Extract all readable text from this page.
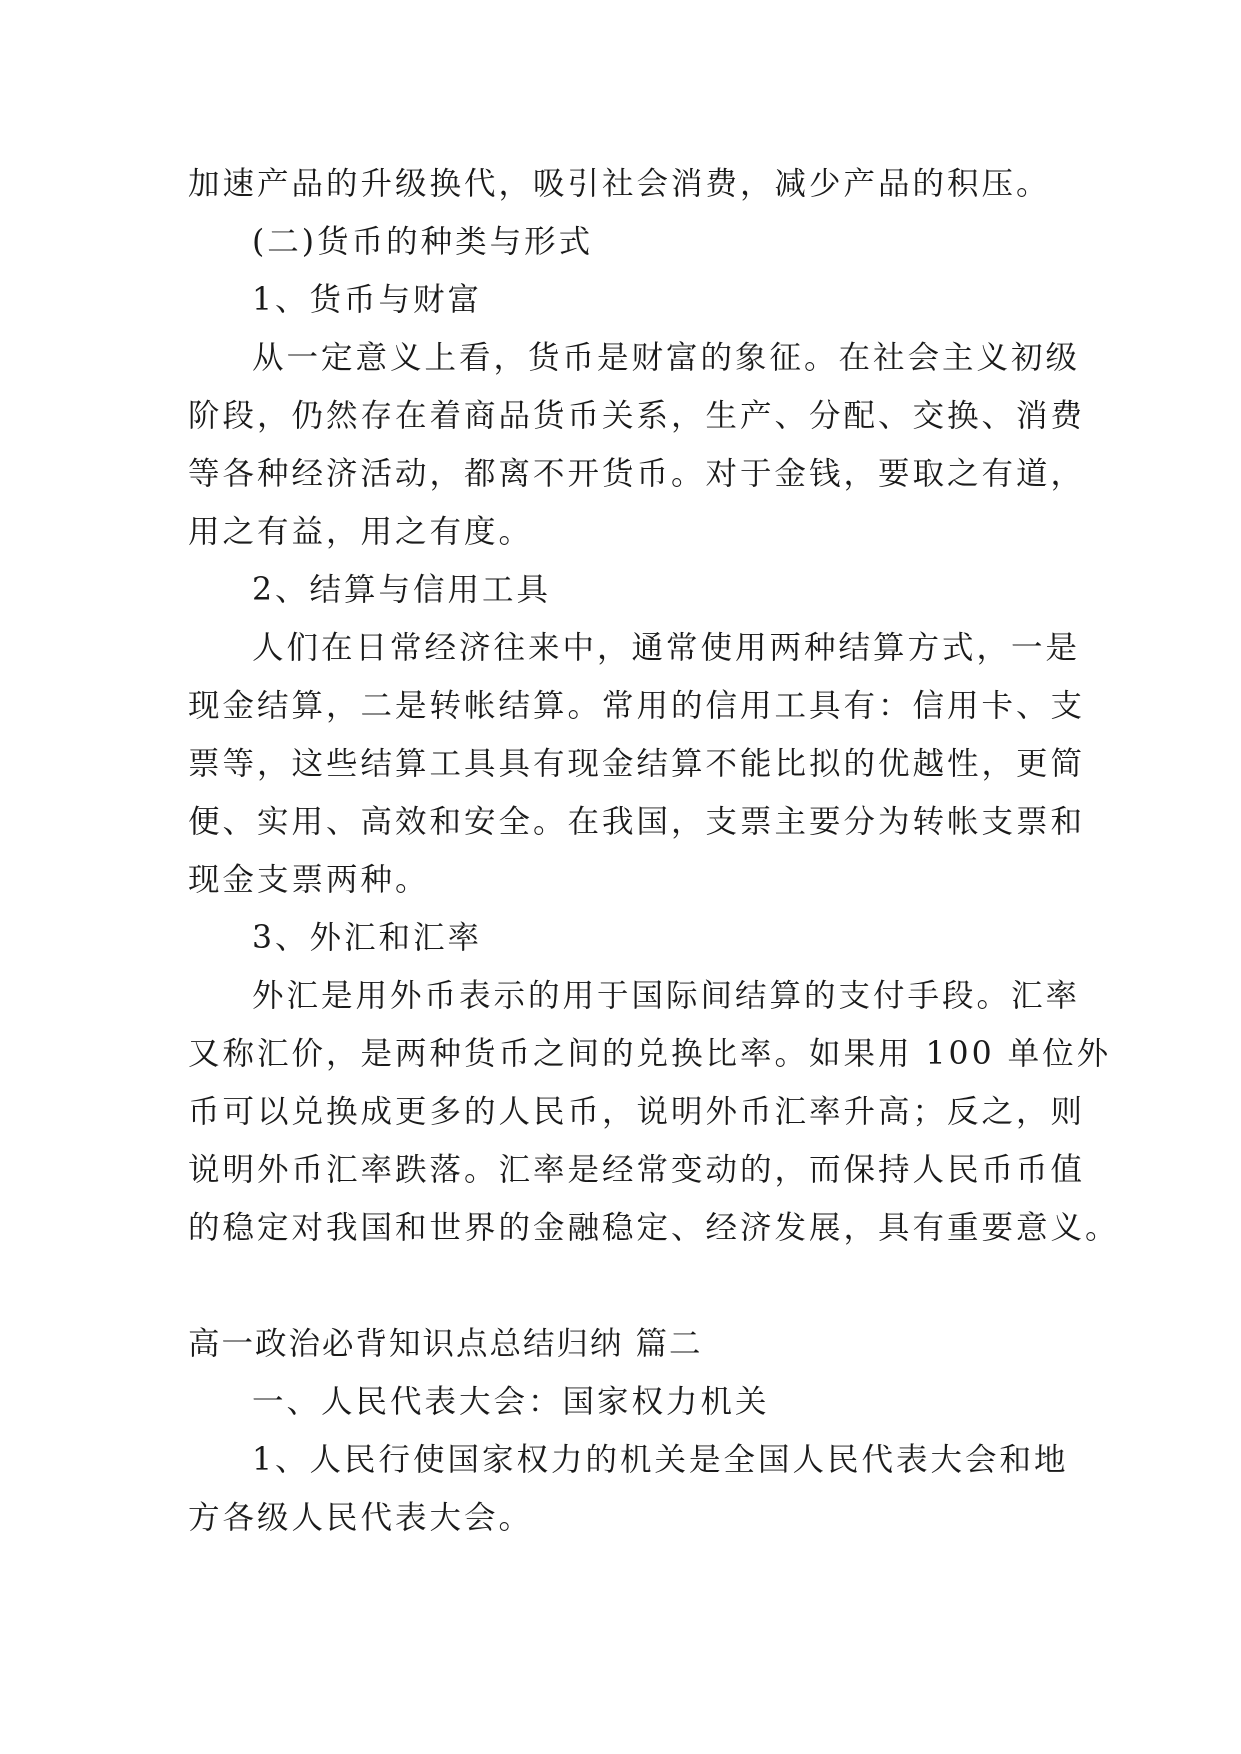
加速产品的升级换代，吸引社会消费，减少产品的积压。
(二)货币的种类与形式
1、货币与财富
从一定意义上看，货币是财富的象征。在社会主义初级
阶段，仍然存在着商品货币关系，生产、分配、交换、消费
等各种经济活动，都离不开货币。对于金钱，要取之有道，
用之有益，用之有度。
2、结算与信用工具
人们在日常经济往来中，通常使用两种结算方式，一是
现金结算，二是转帐结算。常用的信用工具有：信用卡、支
票等，这些结算工具具有现金结算不能比拟的优越性，更简
便、实用、高效和安全。在我国，支票主要分为转帐支票和
现金支票两种。
3、外汇和汇率
外汇是用外币表示的用于国际间结算的支付手段。汇率
又称汇价，是两种货币之间的兑换比率。如果用 100 单位外
币可以兑换成更多的人民币，说明外币汇率升高；反之，则
说明外币汇率跌落。汇率是经常变动的，而保持人民币币值
的稳定对我国和世界的金融稳定、经济发展，具有重要意义。
高一政治必背知识点总结归纳 篇二
一、人民代表大会：国家权力机关
1、人民行使国家权力的机关是全国人民代表大会和地
方各级人民代表大会。
